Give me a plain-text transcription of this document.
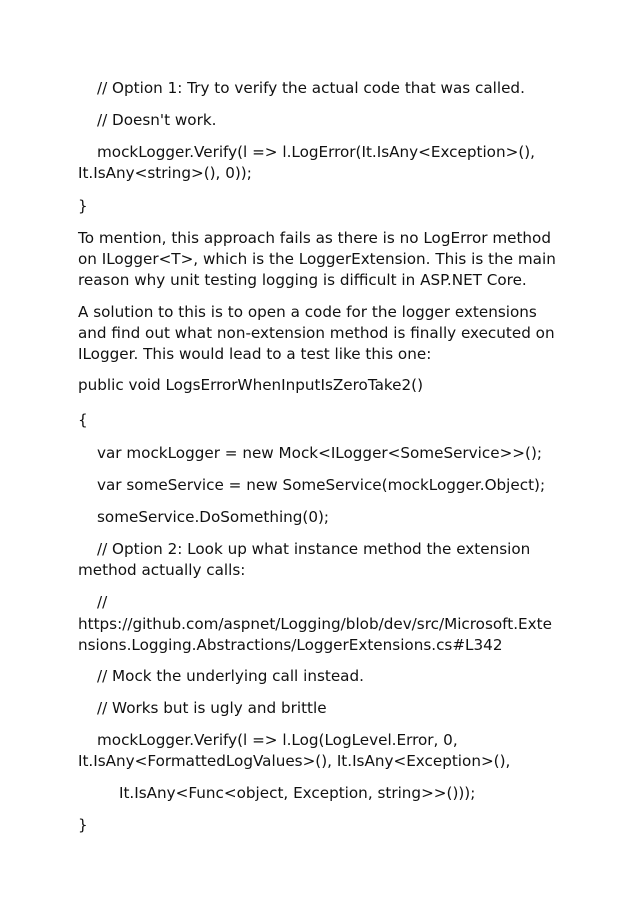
// Option 1: Try to verify the actual code that was called.
// Doesn't work.
mockLogger.Verify(l => l.LogError(It.IsAny<Exception>(),
It.IsAny<string>(), 0));
}
To mention, this approach fails as there is no LogError method
on ILogger<T>, which is the LoggerExtension. This is the main
reason why unit testing logging is difficult in ASP.NET Core.
A solution to this is to open a code for the logger extensions
and find out what non-extension method is finally executed on
ILogger. This would lead to a test like this one:
public void LogsErrorWhenInputIsZeroTake2()
{
var mockLogger = new Mock<ILogger<SomeService>>();
var someService = new SomeService(mockLogger.Object);
someService.DoSomething(0);
// Option 2: Look up what instance method the extension
method actually calls:
//
https://github.com/aspnet/Logging/blob/dev/src/Microsoft.Exte
nsions.Logging.Abstractions/LoggerExtensions.cs#L342
// Mock the underlying call instead.
// Works but is ugly and brittle
mockLogger.Verify(l => l.Log(LogLevel.Error, 0,
It.IsAny<FormattedLogValues>(), It.IsAny<Exception>(),
It.IsAny<Func<object, Exception, string>>()));
}
